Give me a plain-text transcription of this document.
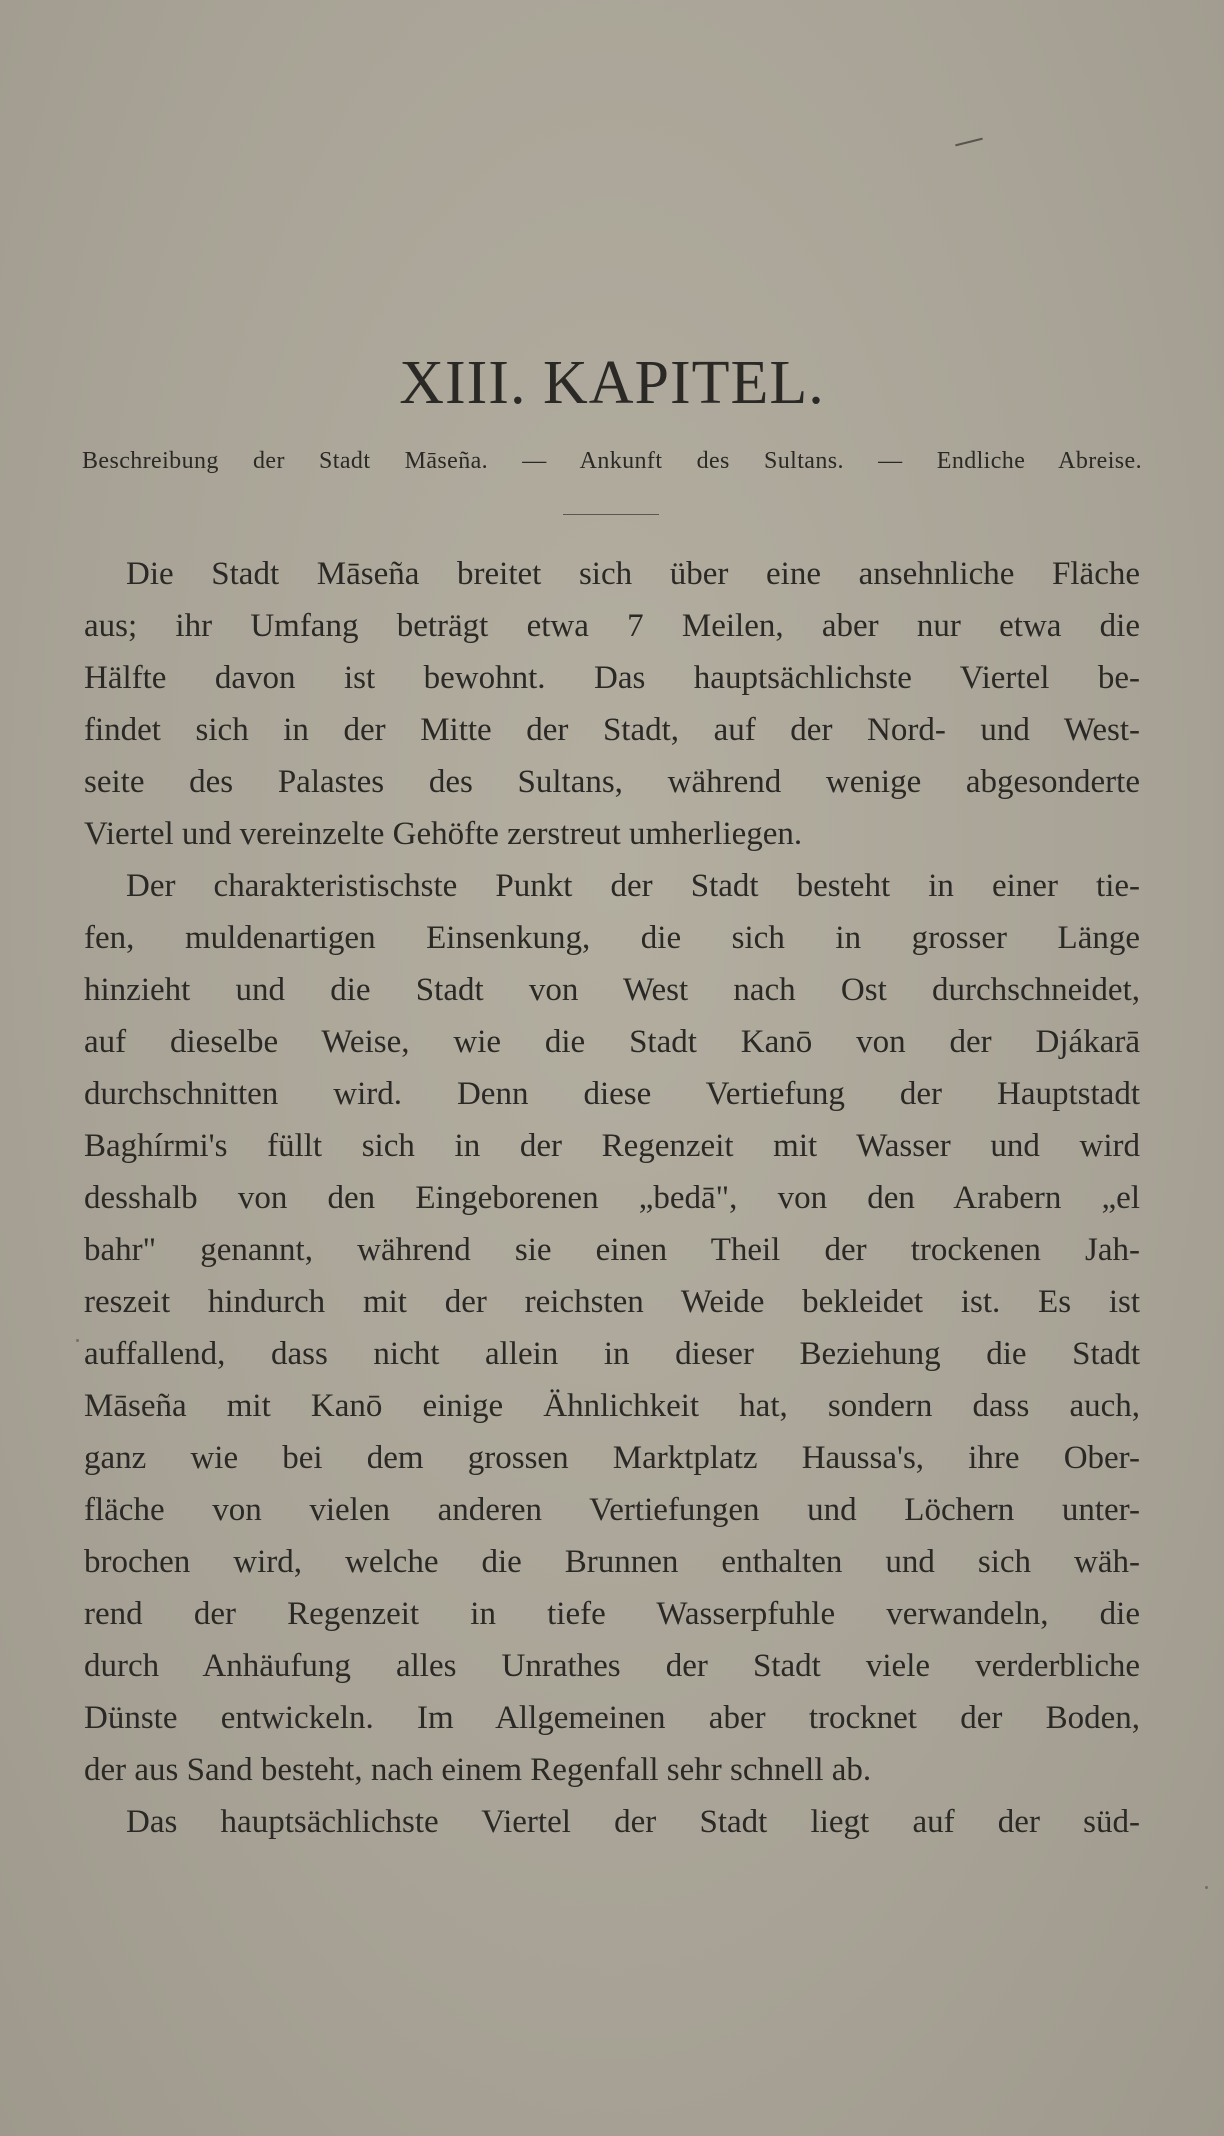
XIII. KAPITEL.

Beschreibung der Stadt Māseña. — Ankunft des Sultans. — Endliche Abreise.

Die Stadt Māseña breitet sich über eine ansehnliche Fläche
aus; ihr Umfang beträgt etwa 7 Meilen, aber nur etwa die
Hälfte davon ist bewohnt. Das hauptsächlichste Viertel be-
findet sich in der Mitte der Stadt, auf der Nord- und West-
seite des Palastes des Sultans, während wenige abgesonderte
Viertel und vereinzelte Gehöfte zerstreut umherliegen.
Der charakteristischste Punkt der Stadt besteht in einer tie-
fen, muldenartigen Einsenkung, die sich in grosser Länge
hinzieht und die Stadt von West nach Ost durchschneidet,
auf dieselbe Weise, wie die Stadt Kanō von der Djákarā
durchschnitten wird. Denn diese Vertiefung der Hauptstadt
Baghírmi's füllt sich in der Regenzeit mit Wasser und wird
desshalb von den Eingeborenen „bedā", von den Arabern „el
bahr" genannt, während sie einen Theil der trockenen Jah-
reszeit hindurch mit der reichsten Weide bekleidet ist. Es ist
auffallend, dass nicht allein in dieser Beziehung die Stadt
Māseña mit Kanō einige Ähnlichkeit hat, sondern dass auch,
ganz wie bei dem grossen Marktplatz Haussa's, ihre Ober-
fläche von vielen anderen Vertiefungen und Löchern unter-
brochen wird, welche die Brunnen enthalten und sich wäh-
rend der Regenzeit in tiefe Wasserpfuhle verwandeln, die
durch Anhäufung alles Unrathes der Stadt viele verderbliche
Dünste entwickeln. Im Allgemeinen aber trocknet der Boden,
der aus Sand besteht, nach einem Regenfall sehr schnell ab.
Das hauptsächlichste Viertel der Stadt liegt auf der süd-
